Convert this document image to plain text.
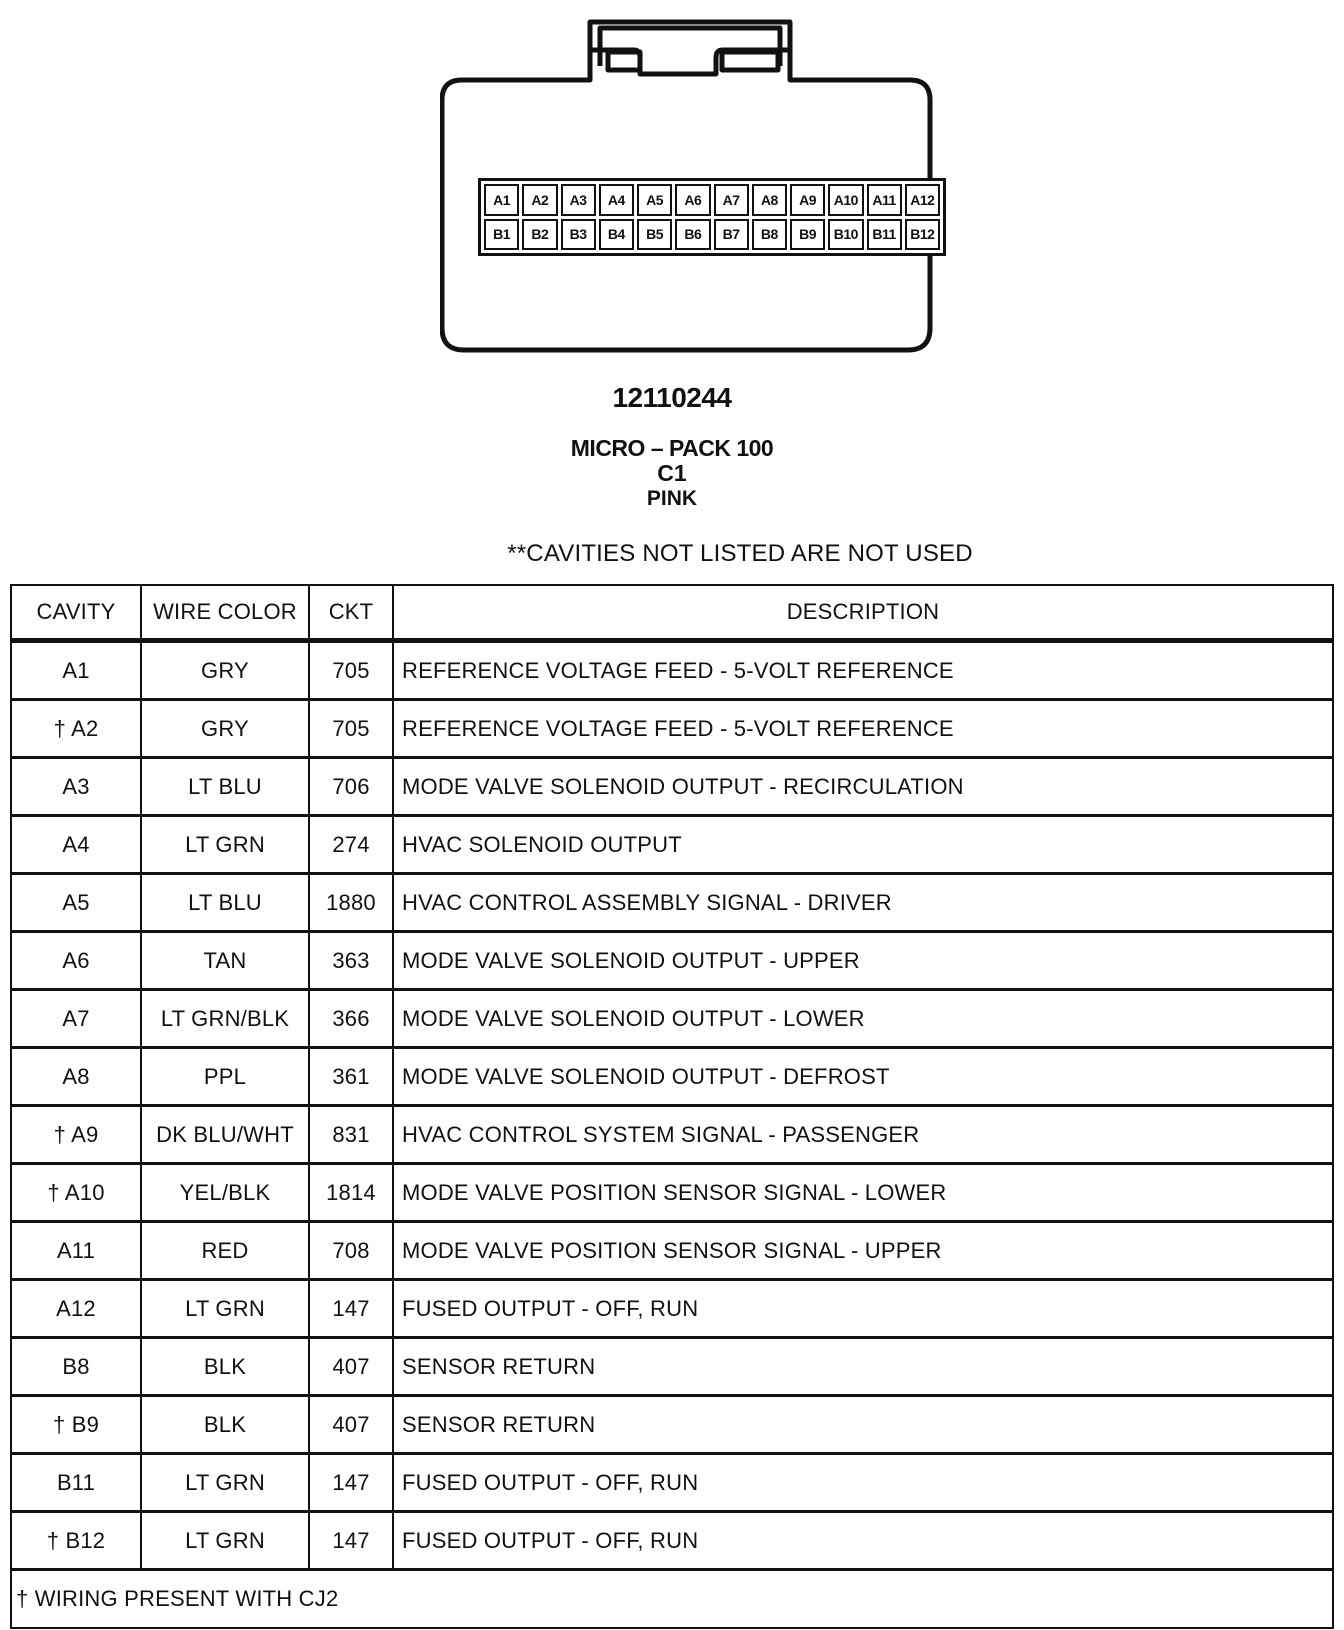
A1	A2	A3	A4	A5	A6	A7	A8	A9	A10	A11	A12
B1	B2	B3	B4	B5	B6	B7	B8	B9	B10	B11	B12
12110244
MICRO – PACK 100
C1
PINK
**CAVITIES NOT LISTED ARE NOT USED
CAVITY	WIRE COLOR	CKT	DESCRIPTION
A1	GRY	705	REFERENCE VOLTAGE FEED - 5-VOLT REFERENCE
† A2	GRY	705	REFERENCE VOLTAGE FEED - 5-VOLT REFERENCE
A3	LT BLU	706	MODE VALVE SOLENOID OUTPUT - RECIRCULATION
A4	LT GRN	274	HVAC SOLENOID OUTPUT
A5	LT BLU	1880	HVAC CONTROL ASSEMBLY SIGNAL - DRIVER
A6	TAN	363	MODE VALVE SOLENOID OUTPUT - UPPER
A7	LT GRN/BLK	366	MODE VALVE SOLENOID OUTPUT - LOWER
A8	PPL	361	MODE VALVE SOLENOID OUTPUT - DEFROST
† A9	DK BLU/WHT	831	HVAC CONTROL SYSTEM SIGNAL - PASSENGER
† A10	YEL/BLK	1814	MODE VALVE POSITION SENSOR SIGNAL - LOWER
A11	RED	708	MODE VALVE POSITION SENSOR SIGNAL - UPPER
A12	LT GRN	147	FUSED OUTPUT - OFF, RUN
B8	BLK	407	SENSOR RETURN
† B9	BLK	407	SENSOR RETURN
B11	LT GRN	147	FUSED OUTPUT - OFF, RUN
† B12	LT GRN	147	FUSED OUTPUT - OFF, RUN
† WIRING PRESENT WITH CJ2			
